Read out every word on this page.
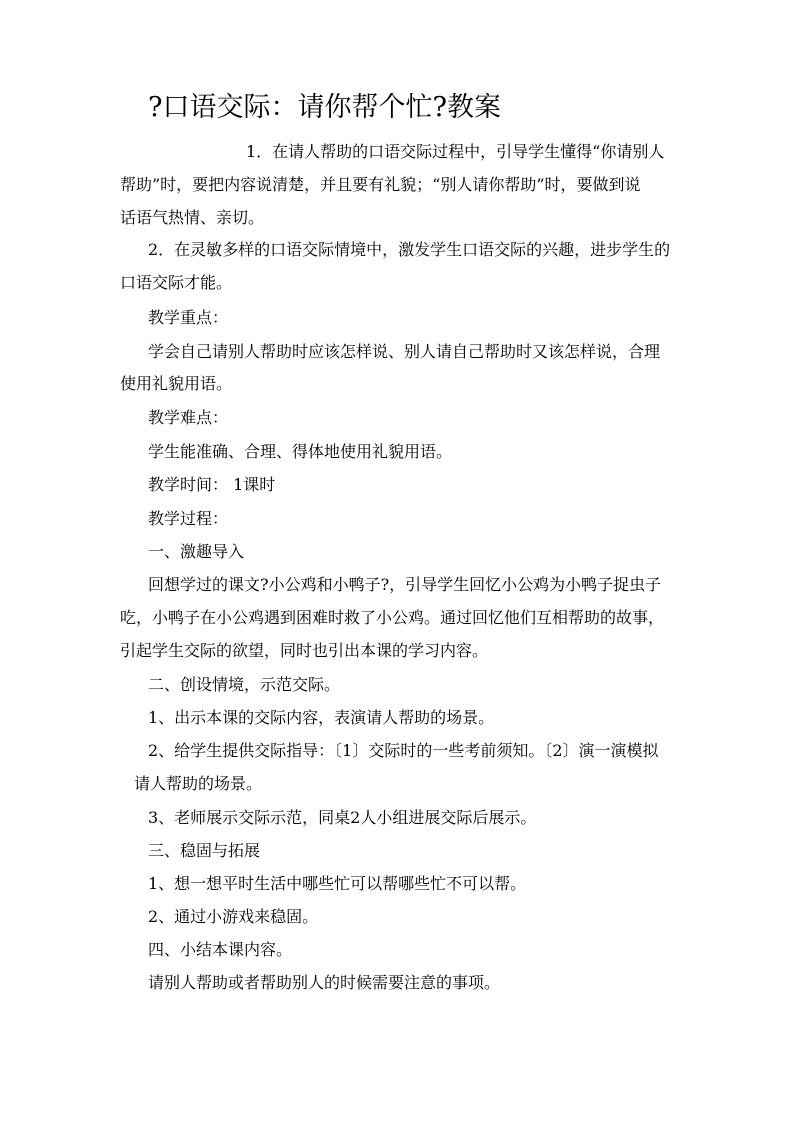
?口语交际：请你帮个忙?教案
1．在请人帮助的口语交际过程中，引导学生懂得“你请别人
帮助”时，要把内容说清楚，并且要有礼貌；“别人请你帮助”时，要做到说
话语气热情、亲切。
2．在灵敏多样的口语交际情境中，激发学生口语交际的兴趣，进步学生的
口语交际才能。
教学重点：
学会自己请别人帮助时应该怎样说、别人请自己帮助时又该怎样说，合理
使用礼貌用语。
教学难点：
学生能准确、合理、得体地使用礼貌用语。
教学时间： 1课时
教学过程：
一、激趣导入
回想学过的课文?小公鸡和小鸭子?，引导学生回忆小公鸡为小鸭子捉虫子
吃，小鸭子在小公鸡遇到困难时救了小公鸡。通过回忆他们互相帮助的故事，
引起学生交际的欲望，同时也引出本课的学习内容。
二、创设情境，示范交际。
1、出示本课的交际内容，表演请人帮助的场景。
2、给学生提供交际指导：〔1〕交际时的一些考前须知。〔2〕演一演模拟
请人帮助的场景。
3、老师展示交际示范，同桌2人小组进展交际后展示。
三、稳固与拓展
1、想一想平时生活中哪些忙可以帮哪些忙不可以帮。
2、通过小游戏来稳固。
四、小结本课内容。
请别人帮助或者帮助别人的时候需要注意的事项。
